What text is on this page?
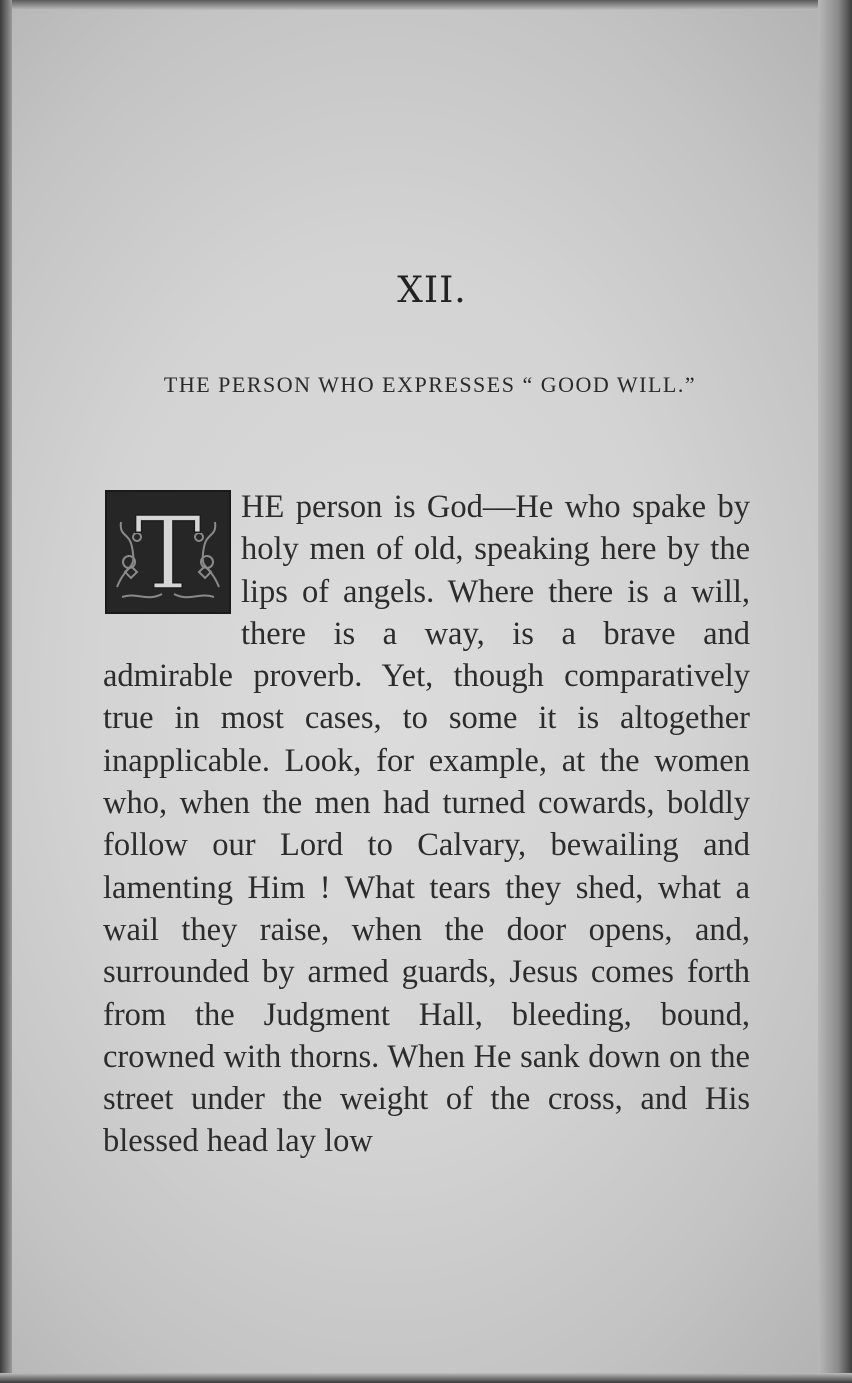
XII.
THE PERSON WHO EXPRESSES “ GOOD WILL.”

T HE person is God—He who spake by holy men of old, speaking here by the lips of angels. Where there is a will, there is a way, is a brave and admirable proverb. Yet, though comparatively true in most cases, to some it is altogether inapplicable. Look, for example, at the women who, when the men had turned cowards, boldly follow our Lord to Calvary, bewailing and lamenting Him ! What tears they shed, what a wail they raise, when the door opens, and, surrounded by armed guards, Jesus comes forth from the Judgment Hall, bleeding, bound, crowned with thorns. When He sank down on the street under the weight of the cross, and His blessed head lay low
